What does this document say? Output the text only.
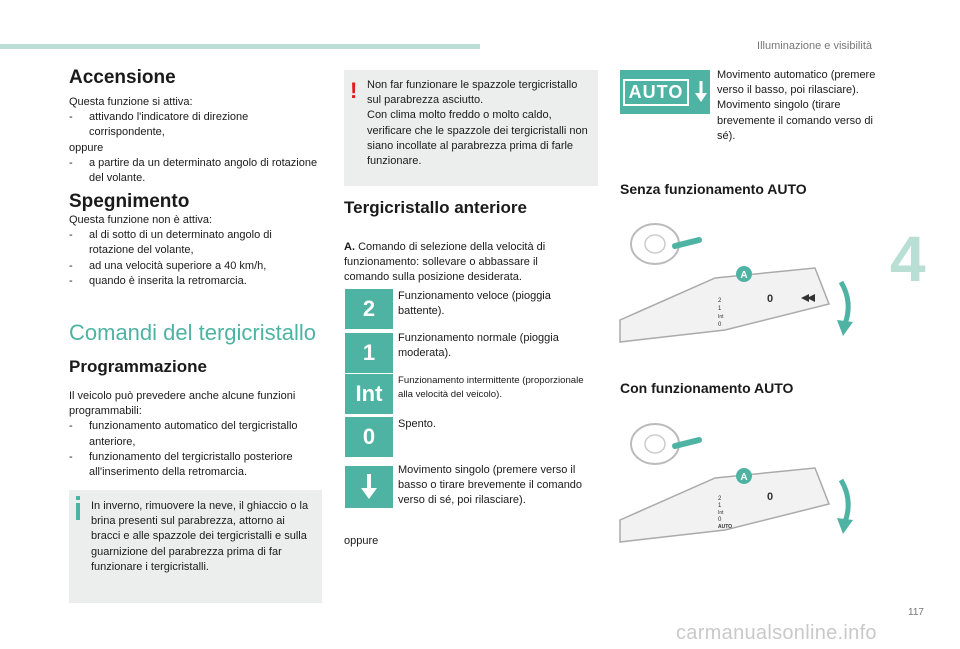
Illuminazione e visibilità
4
Accensione
Questa funzione si attiva:
- attivando l'indicatore di direzione corrispondente,
oppure
- a partire da un determinato angolo di rotazione del volante.
Spegnimento
Questa funzione non è attiva:
- al di sotto di un determinato angolo di rotazione del volante,
- ad una velocità superiore a 40 km/h,
- quando è inserita la retromarcia.
Comandi del tergicristallo
Programmazione
Il veicolo può prevedere anche alcune funzioni programmabili:
- funzionamento automatico del tergicristallo anteriore,
- funzionamento del tergicristallo posteriore all'inserimento della retromarcia.
In inverno, rimuovere la neve, il ghiaccio o la brina presenti sul parabrezza, attorno ai bracci e alle spazzole dei tergicristalli e sulla guarnizione del parabrezza prima di far funzionare i tergicristalli.
! Non far funzionare le spazzole tergicristallo sul parabrezza asciutto.
Con clima molto freddo o molto caldo, verificare che le spazzole dei tergicristalli non siano incollate al parabrezza prima di farle funzionare.
Tergicristallo anteriore
A. Comando di selezione della velocità di funzionamento: sollevare o abbassare il comando sulla posizione desiderata.
2	Funzionamento veloce (pioggia battente).
1
Funzionamento normale (pioggia moderata).
Int
Funzionamento intermittente (proporzionale alla velocità del veicolo).
0	Spento.
Movimento singolo (premere verso il basso o tirare brevemente il comando verso di sé, poi rilasciare).
oppure
AUTO
Movimento automatico (premere verso il basso, poi rilasciare).
Movimento singolo (tirare brevemente il comando verso di sé).
Senza funzionamento AUTO
A
2
1
Int
0
0
Con funzionamento AUTO
A
2
1
Int
0
AUTO
0
117
carmanualsonline.info
